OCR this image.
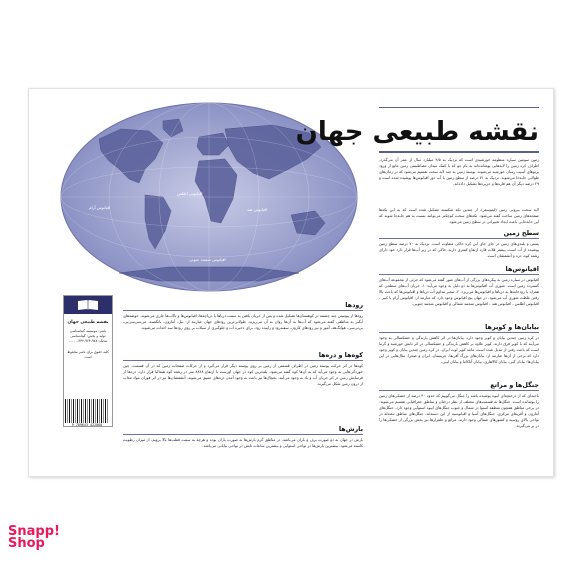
اقیانوس اطلس
اقیانوس آرام	اقیانوس هند
اقیانوس منجمد جنوبی
نقشه طبیعی جهان
زمین سومین سیاره منظومه خورشیدی است که نزدیک به ۴/۵ میلیارد سال از عمر آن می‌گذرد. اطراف کره زمین را لایه‌هایی پوشانده‌اند به نام جو که با کمک میدان مغناطیسی زمین مانع از ورود پرتوهای آسیب رسان خورشید می‌شوند. پوسته زمین به چند لایه سخت تقسیم می‌شود که در زمان‌های طولانی جابه‌جا می‌شوند. نزدیک به ۷۱ درصد از سطح زمین با آب دور اقیانوس‌ها پوشیده شده است و ۲۹ درصد دیگر آن هم قاره‌ها و جزیره‌ها تشکیل داده‌اند.
لایه سخت بیرونی زمین (لیتوسفر)، از چندین تکه شکسته تشکیل شده است که به این تکه‌ها صفحه‌های زمین ساخت گفته می‌شود. تکه‌های سخت کوچکتر می‌توانند نسبت به هم جابه‌جا شوند که این جابه‌جایی باعث ایجاد تغییراتی در سطح زمین می‌شود.
سطح زمین
پستی و بلندی‌های زمین در جای جای این کره خاکی متفاوت است. نزدیک به ۷۰ درصد سطح زمین پوشیده از آب است. بیشتر قلات قاره ارتفاع کمتری دارند. خاکی که در زیر آب‌ها قرار دارد خود دارای رشته کوه، دره و آتشفشان است.
اقیانوس‌ها
اقیانوس در سیاره زمین به پیکره‌های بزرگی از آب‌های شور گفته می‌شود که جزئی از مجموعه آب‌های گسترده زمین است. شوری آب اقیانوس‌ها به دو دلیل به وجود می‌آید: ۱- جریان آب‌های سطحی که همراه با رودخانه‌ها به دریاها و اقیانوس‌ها می‌ریزد. ۲- تبخیر مداوم آب دریاها و اقیانوس‌ها که باعث بالا رفتن غلظت شوری آب می‌شود. در جهان پنج اقیانوس وجود دارد که عبارتند از: اقیانوس آرام یا کبیر - اقیانوس اطلس - اقیانوس هند - اقیانوس منجمد شمالی و اقیانوس منجمد جنوبی.
بیابان‌ها و کویرها
در کره زمین چندین بیابان و کویر وجود دارد. بیابان‌ها در اثر کاهش بارندگی و خشکسالی به وجود می‌آیند که با کویر فرق دارند. کویر علاوه بر کاهش بارندگی و خشکسالی در اثر تابش خورشید و گرما است که باعث رفتن از تبدیل شده است، مانند کویر لوت ایران. در کره زمین چندین بیابان و کویر وجود دارد که برخی از آن‌ها عبارتند از: بیابان‌های بزرگ آفریقا، عربستان، ایران و صحرا. مثال‌هایی در این بیابان‌ها: بیابان گبی، بیابان کالاهاری، بیابان آتاکاما و بیابان لیبی.
جنگل‌ها و مراتع
ناحیه‌ای که از درختچه‌ای انبوه پوشیده باشد را جنگل می‌گوییم که حدود ۳۰ درصد از خشکی‌های زمین را پوشانده است. جنگل‌ها به قسمت‌های مختلف از نظر درختان و مناطق جغرافیایی تقسیم می‌شوند. در برخی مناطق همچون منطقه استوا در شمال و جنوب جنگل‌های انبوه استوایی وجود دارد. جنگل‌های آمازون و آفریقای مرکزی، جنگل‌های آسیا و اقیانوسیه از این دسته‌اند. جنگل‌های مناطق معتدله در نواحی بالای روسیه و کشورهای شمالی وجود دارند. مراتع و علفزارها نیز بخش بزرگی از خشکی‌ها را در بر می‌گیرند.
رودها
رودها از پیوستن چند چشمه در کوهستان‌ها تشکیل شده و پس از جریان یافتن به سمت دریاها یا دریاچه‌ها، اقیانوس‌ها و تالاب‌ها جاری می‌شوند. حوضه‌های آبگیر به مناطقی گفته می‌شود که آب‌ها به آن‌ها روان به آن می‌ریزند. طولانی‌ترین رودهای جهان عبارتند از: نیل، آمازون، یانگتسه، می‌سی‌سی‌پی، یی‌نی‌سی، هوانگ‌هه، آمور و نیز رودهای کارون، سفیدرود و زاینده رود. برای ذخیره آب و جلوگیری از سیلاب بر روی رودها سد احداث می‌شوند.
کوه‌ها و دره‌ها
کوه‌ها در اثر حرکت پوسته زمین در اطراف قسمتی از زمین بر روی پوسته دیگر قرار می‌گیرد و از حرکات صفحات زمین که در آن قسمت، چین خوردگی‌هایی به وجود می‌آید که به آن‌ها کوه گفته می‌شود. بلندترین کوه در جهان اورست با ارتفاع ۸۸۴۸ متر در رشته کوه هیمالیا قرار دارد. دره‌ها از فرسایش زمین در اثر جریان آب و باد به وجود می‌آیند. یخچال‌ها نیز باعث به وجود آمدن دره‌های عمیق می‌شوند. آتشفشان‌ها نیز در اثر فوران مواد مذاب از درون زمین شکل می‌گیرند.
بارش‌ها
بارش در جهان به دو صورت برف و باران می‌باشد. در مناطق گرم بارش‌ها به صورت باران بوده و هرچه به سمت قطب‌ها بالا برویم، از میزان رطوبت کاسته می‌شود. بیشترین بارش‌ها در نواحی استوایی و بیشترین ساعات تابش در نواحی بیابانی می‌باشد.
نقشه طبیعی جهان
ناشر: موسسه گیتاشناسی
تولید و پخش: گیتاشناسی
شابک: ۹۷۸-۹۶۴-۳۴۲-۰۰۰-۰
کلیه حقوق برای ناشر محفوظ است
9 789643 422860
Snapp!
Shop
